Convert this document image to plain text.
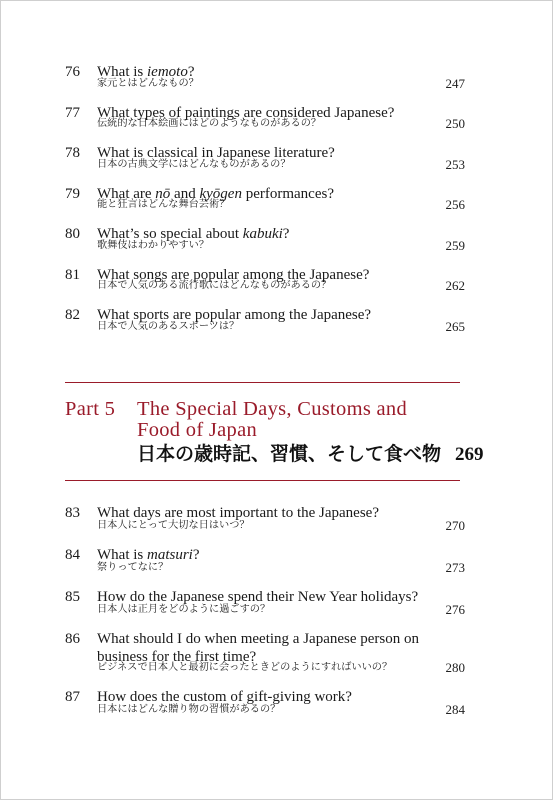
76 What is iemoto?
家元とはどんなもの？	247
77 What types of paintings are considered Japanese?
伝統的な日本絵画にはどのようなものがあるの？	250
78 What is classical in Japanese literature?
日本の古典文学にはどんなものがあるの？	253
79 What are nō and kyōgen performances?
能と狂言はどんな舞台芸術？	256
80 What’s so special about kabuki?
歌舞伎はわかりやすい？	259
81 What songs are popular among the Japanese?
日本で人気のある流行歌にはどんなものがあるの？	262
82 What sports are popular among the Japanese?
日本で人気のあるスポーツは？	265
Part 5 The Special Days, Customs and
Food of Japan
日本の歳時記、習慣、そして食べ物 269
83 What days are most important to the Japanese?
日本人にとって大切な日はいつ？	270
84 What is matsuri?
祭りってなに？	273
85 How do the Japanese spend their New Year holidays?
日本人は正月をどのように過ごすの？	276
86 What should I do when meeting a Japanese person on business for the first time?
ビジネスで日本人と最初に会ったときどのようにすればいいの？	280
87 How does the custom of gift-giving work?
日本にはどんな贈り物の習慣があるの？	284
